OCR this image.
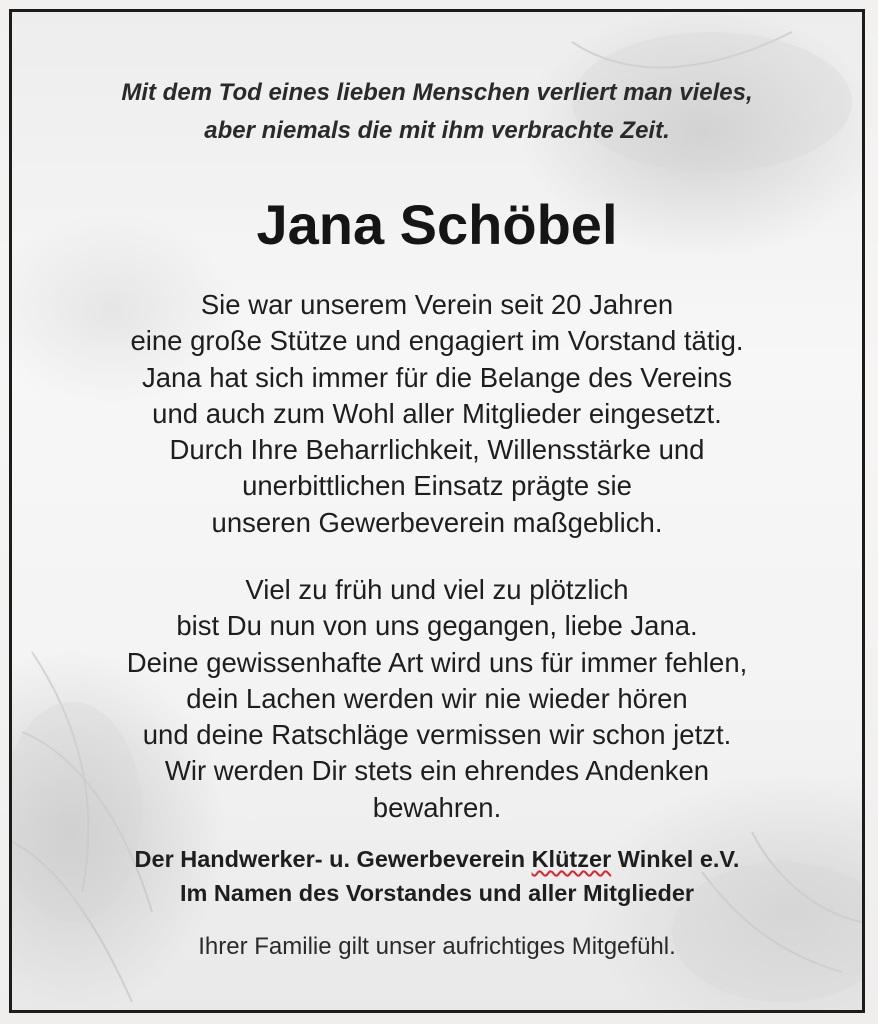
Mit dem Tod eines lieben Menschen verliert man vieles,
aber niemals die mit ihm verbrachte Zeit.
Jana Schöbel
Sie war unserem Verein seit 20 Jahren
eine große Stütze und engagiert im Vorstand tätig.
Jana hat sich immer für die Belange des Vereins
und auch zum Wohl aller Mitglieder eingesetzt.
Durch Ihre Beharrlichkeit, Willensstärke und
unerbittlichen Einsatz prägte sie
unseren Gewerbeverein maßgeblich.
Viel zu früh und viel zu plötzlich
bist Du nun von uns gegangen, liebe Jana.
Deine gewissenhafte Art wird uns für immer fehlen,
dein Lachen werden wir nie wieder hören
und deine Ratschläge vermissen wir schon jetzt.
Wir werden Dir stets ein ehrendes Andenken
bewahren.
Der Handwerker- u. Gewerbeverein Klützer Winkel e.V.
Im Namen des Vorstandes und aller Mitglieder
Ihrer Familie gilt unser aufrichtiges Mitgefühl.
